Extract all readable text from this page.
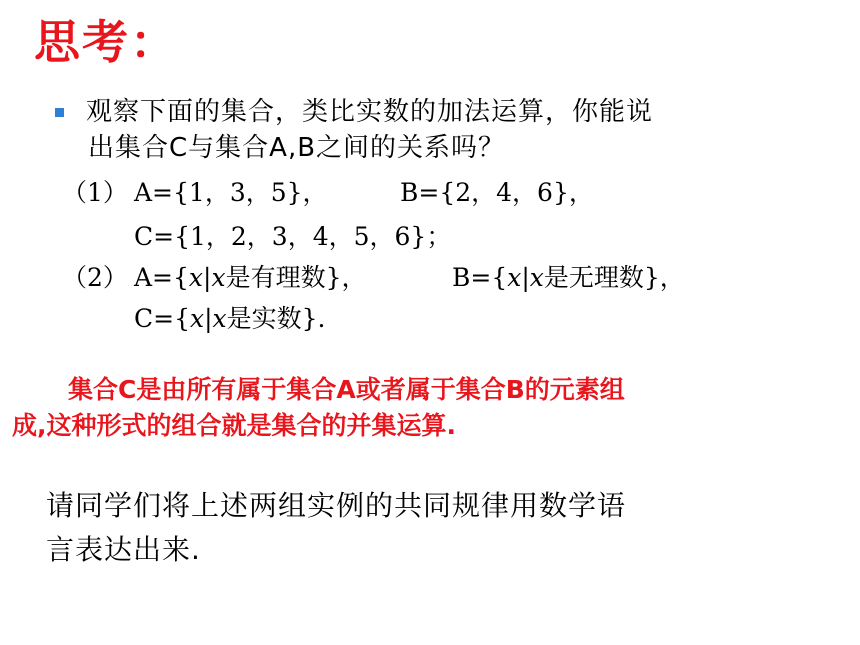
思考：
观察下面的集合，类比实数的加法运算，你能说
出集合C与集合A,B之间的关系吗？
（1） A={1，3，5}，	B={2，4，6}，
C={1，2，3，4，5，6}；
（2） A={x|x是有理数}，	B={x|x是无理数}，
C={x|x是实数}.
集合C是由所有属于集合A或者属于集合B的元素组
成,这种形式的组合就是集合的并集运算.
请同学们将上述两组实例的共同规律用数学语
言表达出来.
